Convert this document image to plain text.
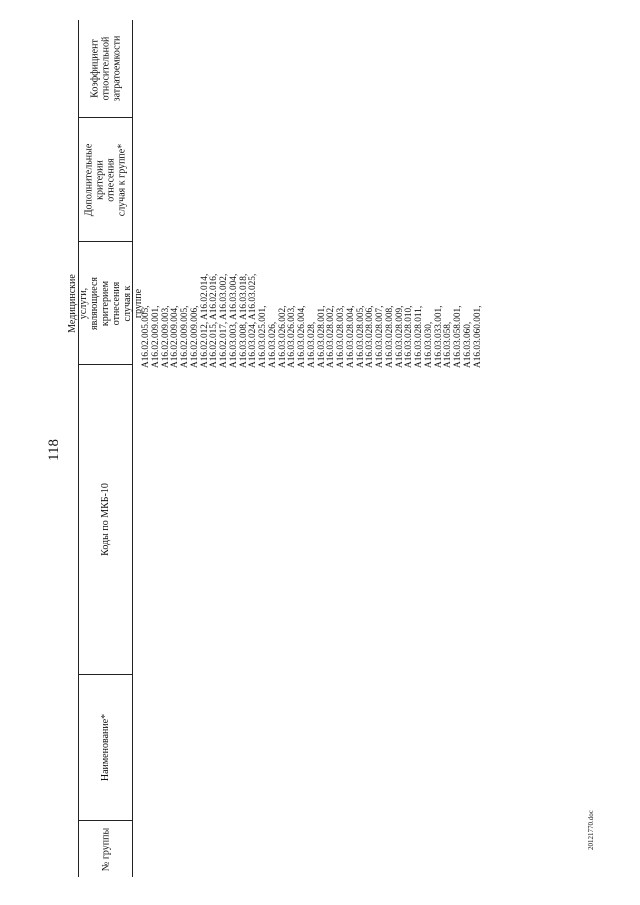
118
20121770.doc
Коэффициент относительной затратоемкости
Дополнительные критерии отнесения случая к группе*
Медицинские услуги, являющиеся критерием отнесения случая к группе
Коды по МКБ-10
Наименование*
№ группы
A16.02.005.005, A16.02.009.001, A16.02.009.003, A16.02.009.004, A16.02.009.005, A16.02.009.006, A16.02.012, A16.02.014, A16.02.015, A16.02.016, A16.02.017, A16.03.002, A16.03.003, A16.03.004, A16.03.008, A16.03.018, A16.03.024, A16.03.025, A16.03.025.001, A16.03.026, A16.03.026.002, A16.03.026.003, A16.03.026.004, A16.03.028, A16.03.028.001, A16.03.028.002, A16.03.028.003, A16.03.028.004, A16.03.028.005, A16.03.028.006, A16.03.028.007, A16.03.028.008, A16.03.028.009, A16.03.028.010, A16.03.028.011, A16.03.030, A16.03.033.001, A16.03.058, A16.03.058.001, A16.03.060, A16.03.060.001,
